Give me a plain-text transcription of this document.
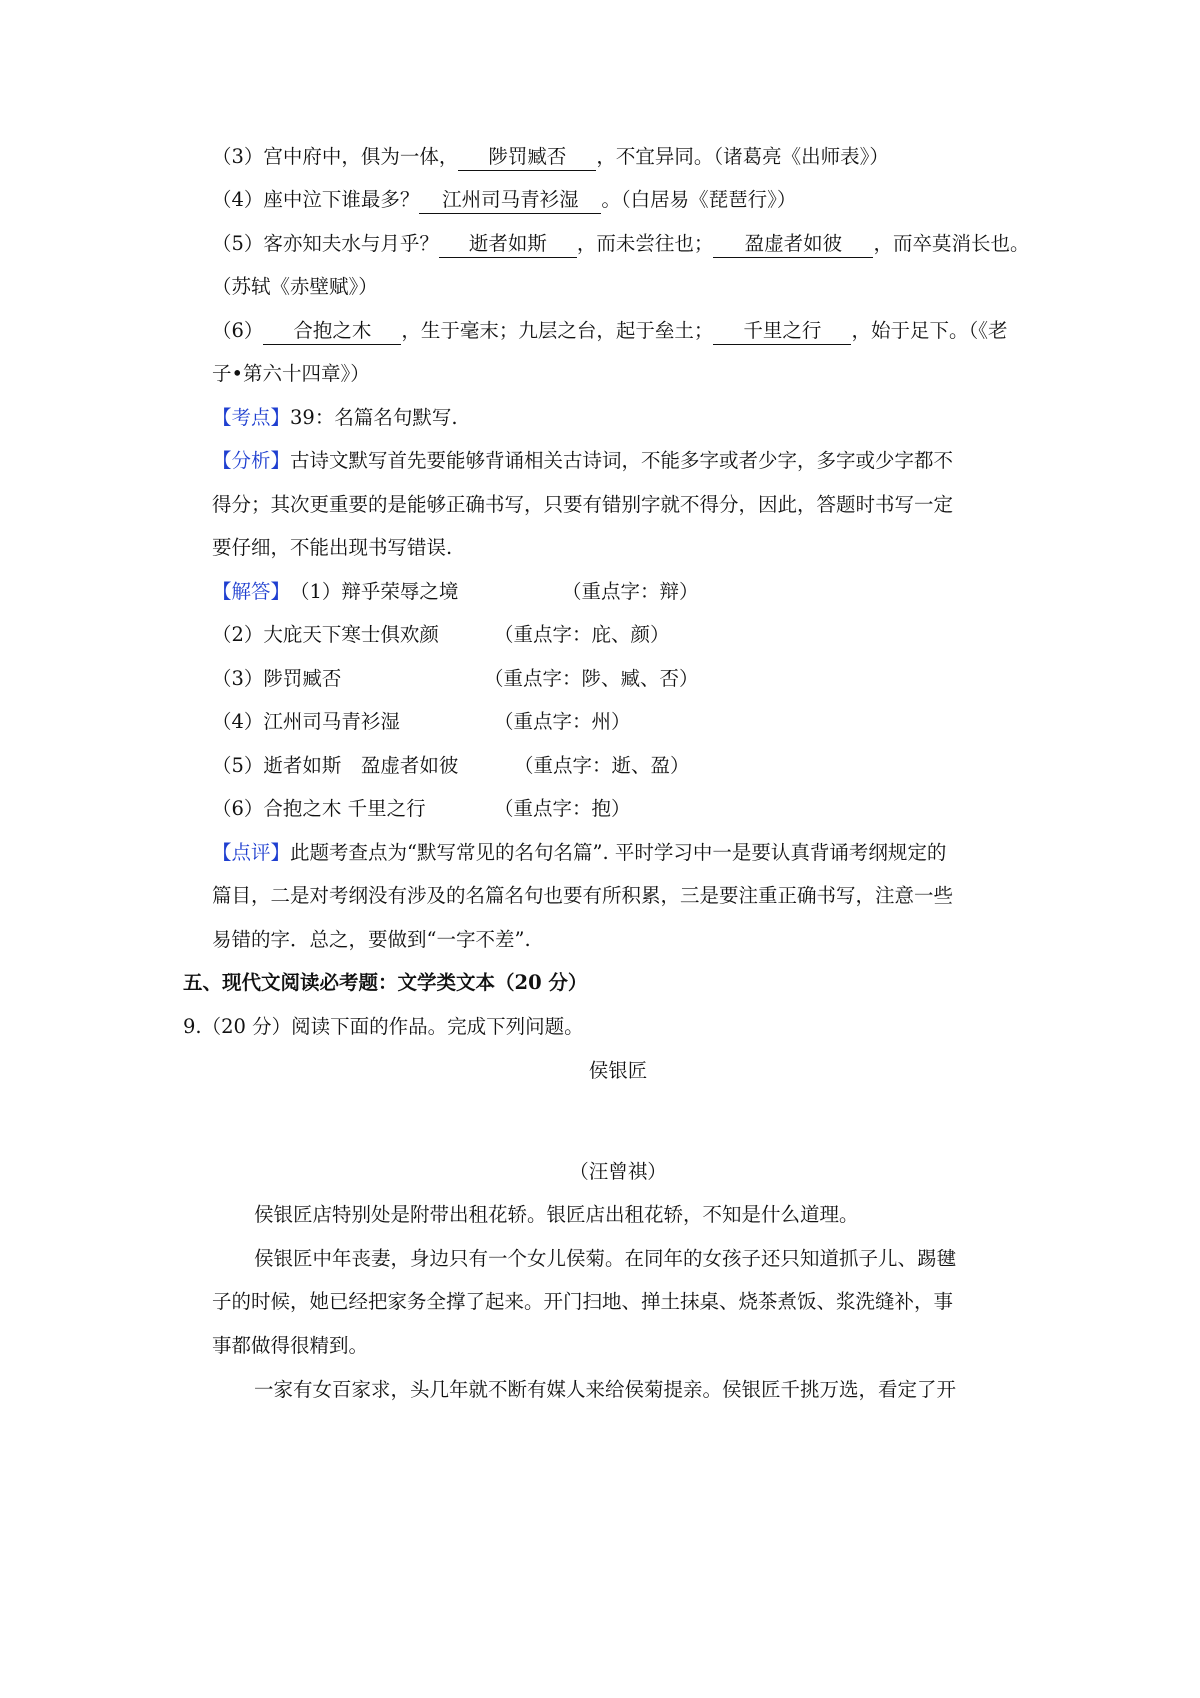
（3）宫中府中，俱为一体， 陟罚臧否 ，不宜异同。（诸葛亮《出师表》）
（4）座中泣下谁最多？ 江州司马青衫湿 。（白居易《琵琶行》）
（5）客亦知夫水与月乎？ 逝者如斯 ，而未尝往也； 盈虚者如彼 ，而卒莫消长也。
（苏轼《赤壁赋》）
（6） 合抱之木 ，生于毫末；九层之台，起于垒土； 千里之行 ，始于足下。（《老
子•第六十四章》）
【考点】39：名篇名句默写.
【分析】古诗文默写首先要能够背诵相关古诗词，不能多字或者少字，多字或少字都不
得分；其次更重要的是能够正确书写，只要有错别字就不得分，因此，答题时书写一定
要仔细，不能出现书写错误.
【解答】（1）辩乎荣辱之境	（重点字：辩）
（2）大庇天下寒士俱欢颜	（重点字：庇、颜）
（3）陟罚臧否	（重点字：陟、臧、否）
（4）江州司马青衫湿	（重点字：州）
（5）逝者如斯　盈虚者如彼	（重点字：逝、盈）
（6）合抱之木 千里之行	（重点字：抱）
【点评】此题考查点为“默写常见的名句名篇”. 平时学习中一是要认真背诵考纲规定的
篇目，二是对考纲没有涉及的名篇名句也要有所积累，三是要注重正确书写，注意一些
易错的字．总之，要做到“一字不差”.
五、现代文阅读必考题：文学类文本（20 分）
9.（20 分）阅读下面的作品。完成下列问题。
侯银匠
（汪曾祺）
侯银匠店特别处是附带出租花轿。银匠店出租花轿，不知是什么道理。
侯银匠中年丧妻，身边只有一个女儿侯菊。在同年的女孩子还只知道抓子儿、踢毽
子的时候，她已经把家务全撑了起来。开门扫地、掸土抹桌、烧茶煮饭、浆洗缝补，事
事都做得很精到。
一家有女百家求，头几年就不断有媒人来给侯菊提亲。侯银匠千挑万选，看定了开
